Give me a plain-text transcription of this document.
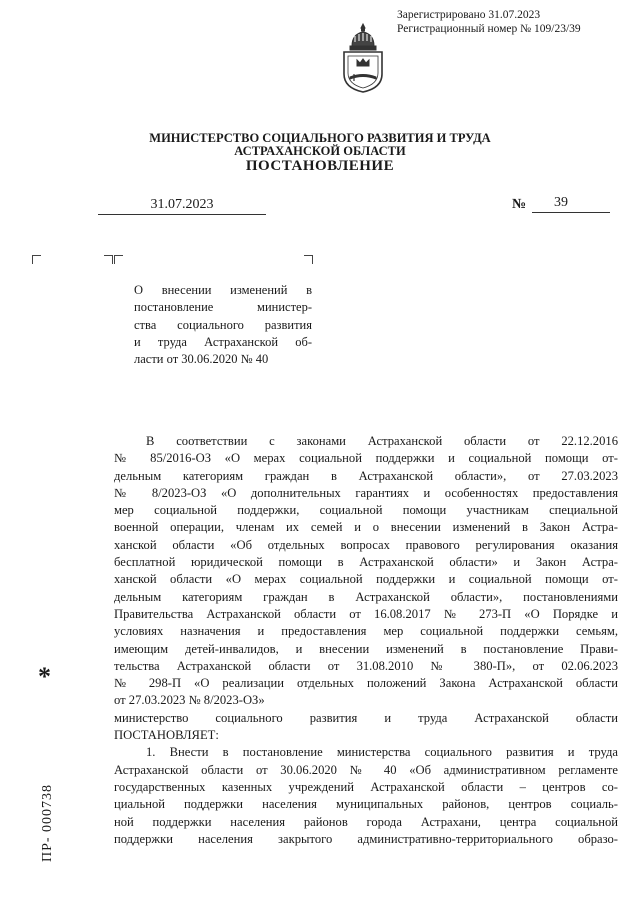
Зарегистрировано 31.07.2023
Регистрационный номер № 109/23/39
МИНИСТЕРСТВО СОЦИАЛЬНОГО РАЗВИТИЯ И ТРУДА
АСТРАХАНСКОЙ ОБЛАСТИ
ПОСТАНОВЛЕНИЕ
31.07.2023	№	39
О внесении изменений в
постановление министер-
ства социального развития
и труда Астраханской об-
ласти от 30.06.2020 № 40
В соответствии с законами Астраханской области от 22.12.2016
№ 85/2016-ОЗ «О мерах социальной поддержки и социальной помощи от-
дельным категориям граждан в Астраханской области», от 27.03.2023
№ 8/2023-ОЗ «О дополнительных гарантиях и особенностях предоставления
мер социальной поддержки, социальной помощи участникам специальной
военной операции, членам их семей и о внесении изменений в Закон Астра-
ханской области «Об отдельных вопросах правового регулирования оказания
бесплатной юридической помощи в Астраханской области» и Закон Астра-
ханской области «О мерах социальной поддержки и социальной помощи от-
дельным категориям граждан в Астраханской области», постановлениями
Правительства Астраханской области от 16.08.2017 № 273-П «О Порядке и
условиях назначения и предоставления мер социальной поддержки семьям,
имеющим детей-инвалидов, и внесении изменений в постановление Прави-
тельства Астраханской области от 31.08.2010 № 380-П», от 02.06.2023
№ 298-П «О реализации отдельных положений Закона Астраханской области
от 27.03.2023 № 8/2023-ОЗ»
министерство социального развития и труда Астраханской области
ПОСТАНОВЛЯЕТ:
1. Внести в постановление министерства социального развития и труда
Астраханской области от 30.06.2020 № 40 «Об административном регламенте
государственных казенных учреждений Астраханской области – центров со-
циальной поддержки населения муниципальных районов, центров социаль-
ной поддержки населения районов города Астрахани, центра социальной
поддержки населения закрытого административно-территориального образо-
*
ПР- 000738
